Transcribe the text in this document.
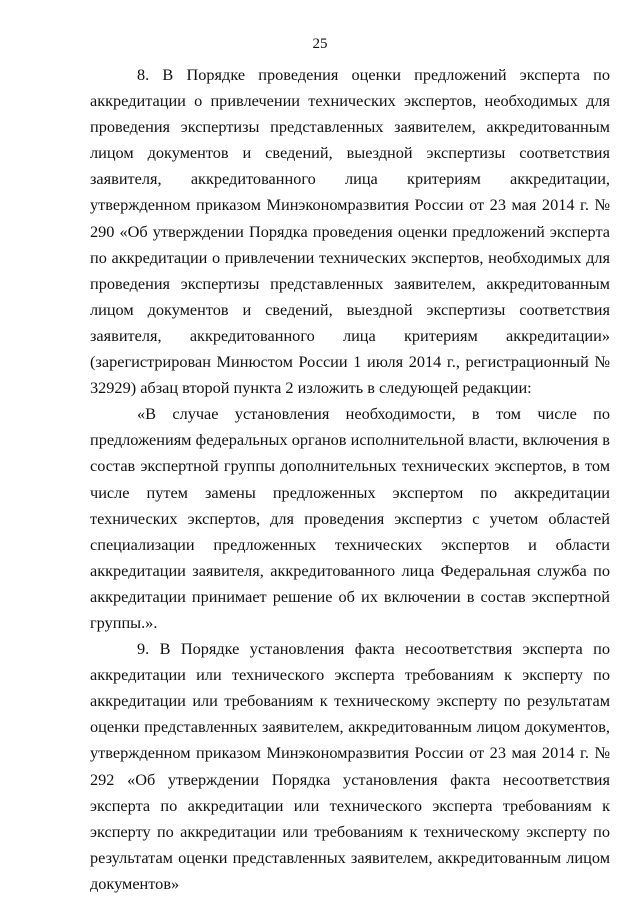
25

8. В Порядке проведения оценки предложений эксперта по аккредитации о привлечении технических экспертов, необходимых для проведения экспертизы представленных заявителем, аккредитованным лицом документов и сведений, выездной экспертизы соответствия заявителя, аккредитованного лица критериям аккредитации, утвержденном приказом Минэкономразвития России от 23 мая 2014 г. № 290 «Об утверждении Порядка проведения оценки предложений эксперта по аккредитации о привлечении технических экспертов, необходимых для проведения экспертизы представленных заявителем, аккредитованным лицом документов и сведений, выездной экспертизы соответствия заявителя, аккредитованного лица критериям аккредитации» (зарегистрирован Минюстом России 1 июля 2014 г., регистрационный № 32929) абзац второй пункта 2 изложить в следующей редакции:

«В случае установления необходимости, в том числе по предложениям федеральных органов исполнительной власти, включения в состав экспертной группы дополнительных технических экспертов, в том числе путем замены предложенных экспертом по аккредитации технических экспертов, для проведения экспертиз с учетом областей специализации предложенных технических экспертов и области аккредитации заявителя, аккредитованного лица Федеральная служба по аккредитации принимает решение об их включении в состав экспертной группы.».

9. В Порядке установления факта несоответствия эксперта по аккредитации или технического эксперта требованиям к эксперту по аккредитации или требованиям к техническому эксперту по результатам оценки представленных заявителем, аккредитованным лицом документов, утвержденном приказом Минэкономразвития России от 23 мая 2014 г. № 292 «Об утверждении Порядка установления факта несоответствия эксперта по аккредитации или технического эксперта требованиям к эксперту по аккредитации или требованиям к техническому эксперту по результатам оценки представленных заявителем, аккредитованным лицом документов»
